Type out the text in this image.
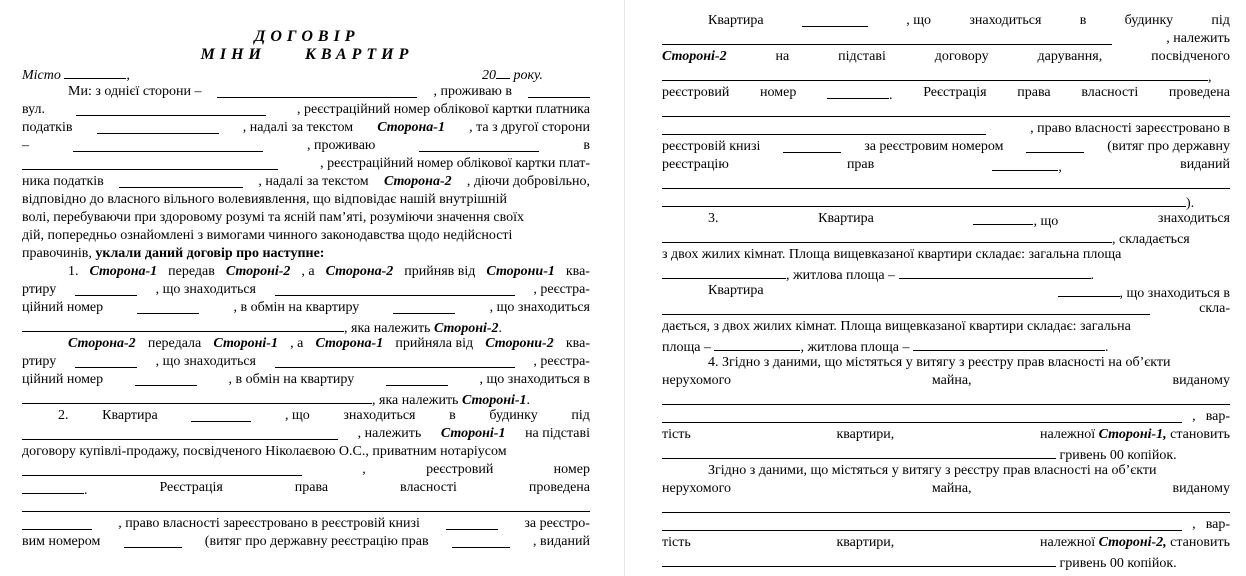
ДОГОВІР
МІНИ КВАРТИР
Місто	,	20 року.
Ми: з однієї сторони –	, проживаю в
вул.	, реєстраційний номер облікової картки платника
податків	, надалі за текстом Сторона-1 , та з другої сторони
–	, проживаю	в
, реєстраційний номер облікової картки плат-
ника податків	, надалі за текстом Сторона-2 , діючи добровільно,
відповідно до власного вільного волевиявлення, що відповідає нашій внутрішній
волі, перебуваючи при здоровому розумі та ясній пам’яті, розуміючи значення своїх
дій, попередньо ознайомлені з вимогами чинного законодавства щодо недійсності
правочинів, уклали даний договір про наступне:
1. Сторона-1 передав Стороні-2 , а Сторона-2 прийняв від Сторони-1 ква-
ртиру	, що знаходиться	, реєстра-
ційний номер	, в обмін на квартиру	, що знаходиться
, яка належить Стороні-2.
Сторона-2 передала Стороні-1 , а Сторона-1 прийняла від Сторони-2 ква-
ртиру	, що знаходиться	, реєстра-
ційний номер	, в обмін на квартиру	, що знаходиться в
, яка належить Стороні-1.
2. Квартира	, що знаходиться в будинку під
, належить Стороні-1 на підставі
договору купівлі-продажу, посвідченого Ніколаєвою О.С., приватним нотаріусом
,	реєстровий	номер
.	Реєстрація	права	власності	проведена
, право власності зареєстровано в реєстровій книзі	за реєстро-
вим номером	(витяг про державну реєстрацію прав	, виданий
Квартира	, що	знаходиться	в	будинку	під
, належить
Стороні-2	на	підставі	договору	дарування,	посвідченого
,
реєстровий номер	. Реєстрація права власності проведена
, право власності зареєстровано в
реєстровій книзі	за реєстровим номером	(витяг про державну
реєстрацію	прав	,	виданий
).
3.	Квартира	, що	знаходиться
, складається
з двох жилих кімнат. Площа вищевказаної квартири складає: загальна площа
, житлова площа –	.
Квартира	, що знаходиться в
скла-
дається, з двох жилих кімнат. Площа вищевказаної квартири складає: загальна
площа –	, житлова площа –	.
4. Згідно з даними, що містяться у витягу з реєстру прав власності на об’єкти
нерухомого	майна,	виданому
, вар-
тість	квартири,	належної Стороні-1, становить
гривень 00 копійок.
Згідно з даними, що містяться у витягу з реєстру прав власності на об’єкти
нерухомого	майна,	виданому
, вар-
тість	квартири,	належної Стороні-2, становить
гривень 00 копійок.
